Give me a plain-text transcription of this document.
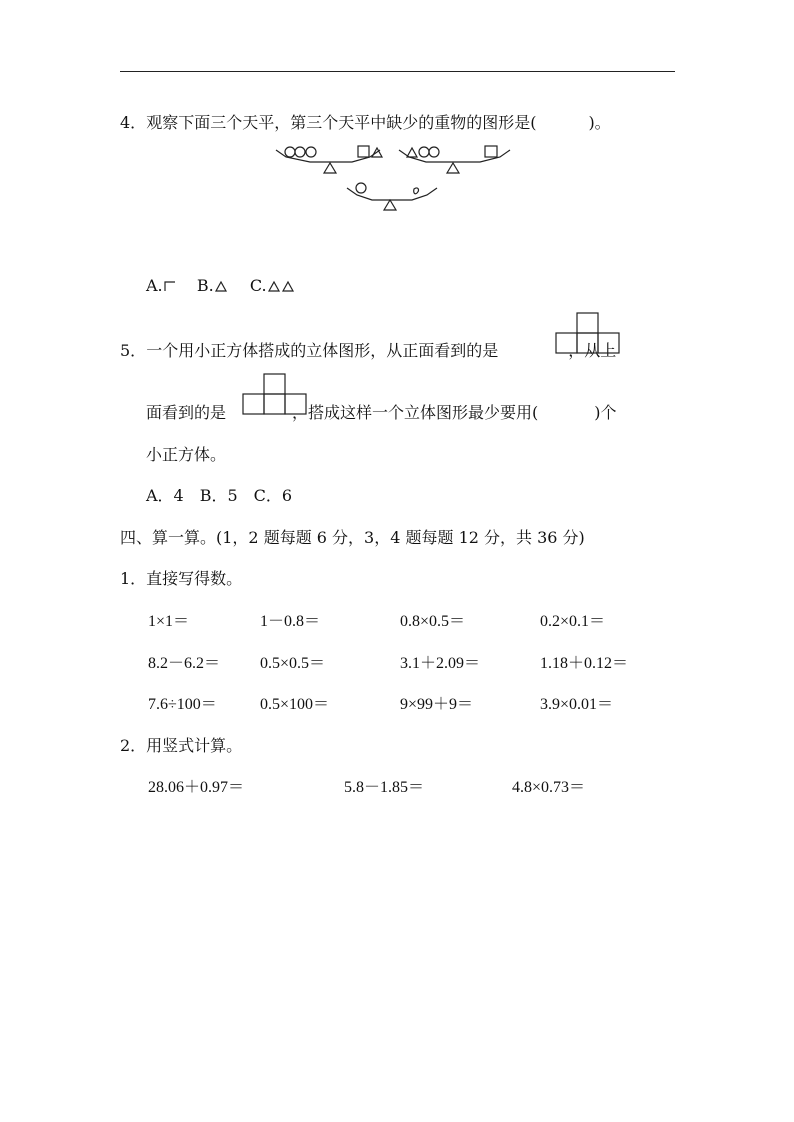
4．观察下面三个天平，第三个天平中缺少的重物的图形是(	)。
A. B. C.
5．一个用小正方体搭成的立体图形，从正面看到的是	，从上
面看到的是	，搭成这样一个立体图形最少要用(	)个
小正方体。
A．4　B．5　C．6
四、算一算。(1，2 题每题 6 分，3，4 题每题 12 分，共 36 分)
1．直接写得数。
1×1＝	1－0.8＝	0.8×0.5＝	0.2×0.1＝
8.2－6.2＝ 0.5×0.5＝	3.1＋2.09＝	1.18＋0.12＝
7.6÷100＝	0.5×100＝	9×99＋9＝	3.9×0.01＝
2．用竖式计算。
28.06＋0.97＝	5.8－1.85＝	4.8×0.73＝
